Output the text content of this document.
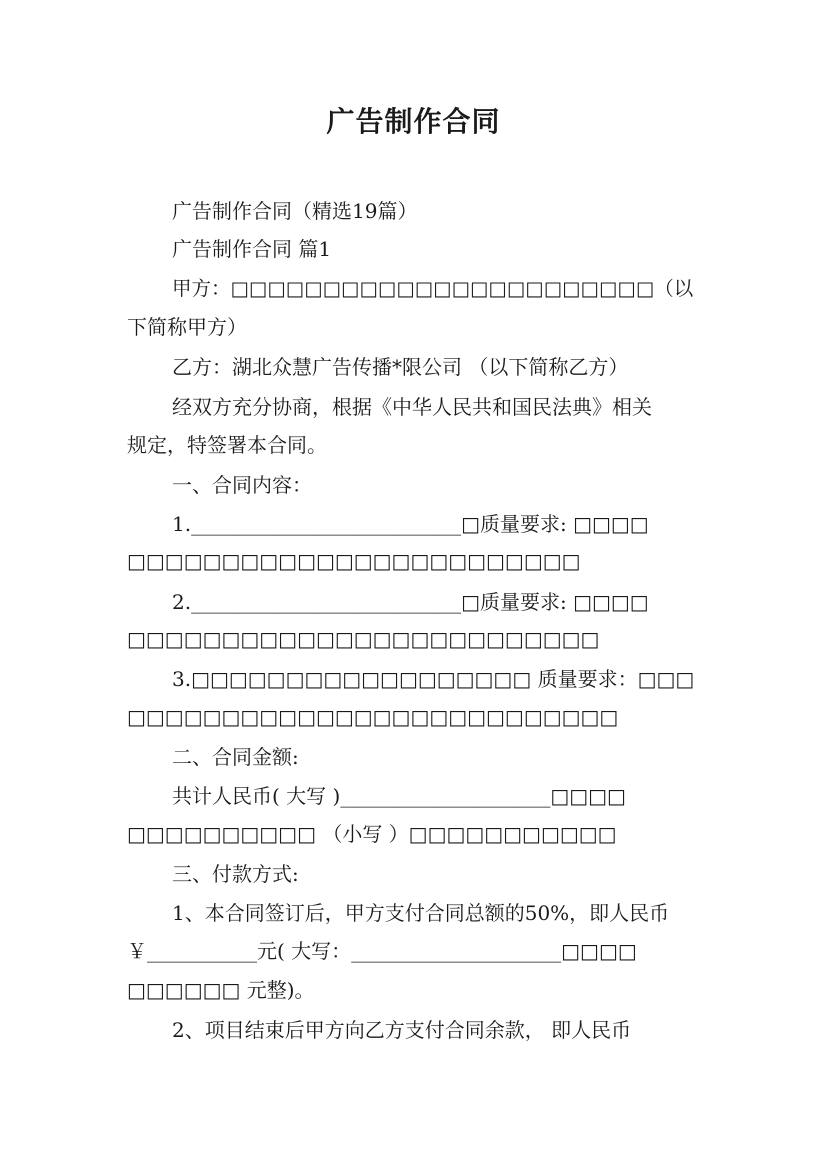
广告制作合同
广告制作合同（精选19篇）
广告制作合同 篇1
甲方：□□□□□□□□□□□□□□□□□□□□□□□（以
下简称甲方）
乙方：湖北众慧广告传播*限公司 （以下简称乙方）
经双方充分协商，根据《中华人民共和国民法典》相关
规定，特签署本合同。
一、合同内容：
1.___________________________□质量要求: □□□□
□□□□□□□□□□□□□□□□□□□□□□□□
2.___________________________□质量要求: □□□□
□□□□□□□□□□□□□□□□□□□□□□□□□
3.□□□□□□□□□□□□□□□□□□ 质量要求：□□□
□□□□□□□□□□□□□□□□□□□□□□□□□□
二、合同金额:
共计人民币( 大写 )_____________________□□□□
□□□□□□□□□□ （小写 ）□□□□□□□□□□□
三、付款方式:
1、本合同签订后，甲方支付合同总额的50%，即人民币
￥___________元( 大写：_____________________□□□□
□□□□□□ 元整)。
2、项目结束后甲方向乙方支付合同余款， 即人民币
